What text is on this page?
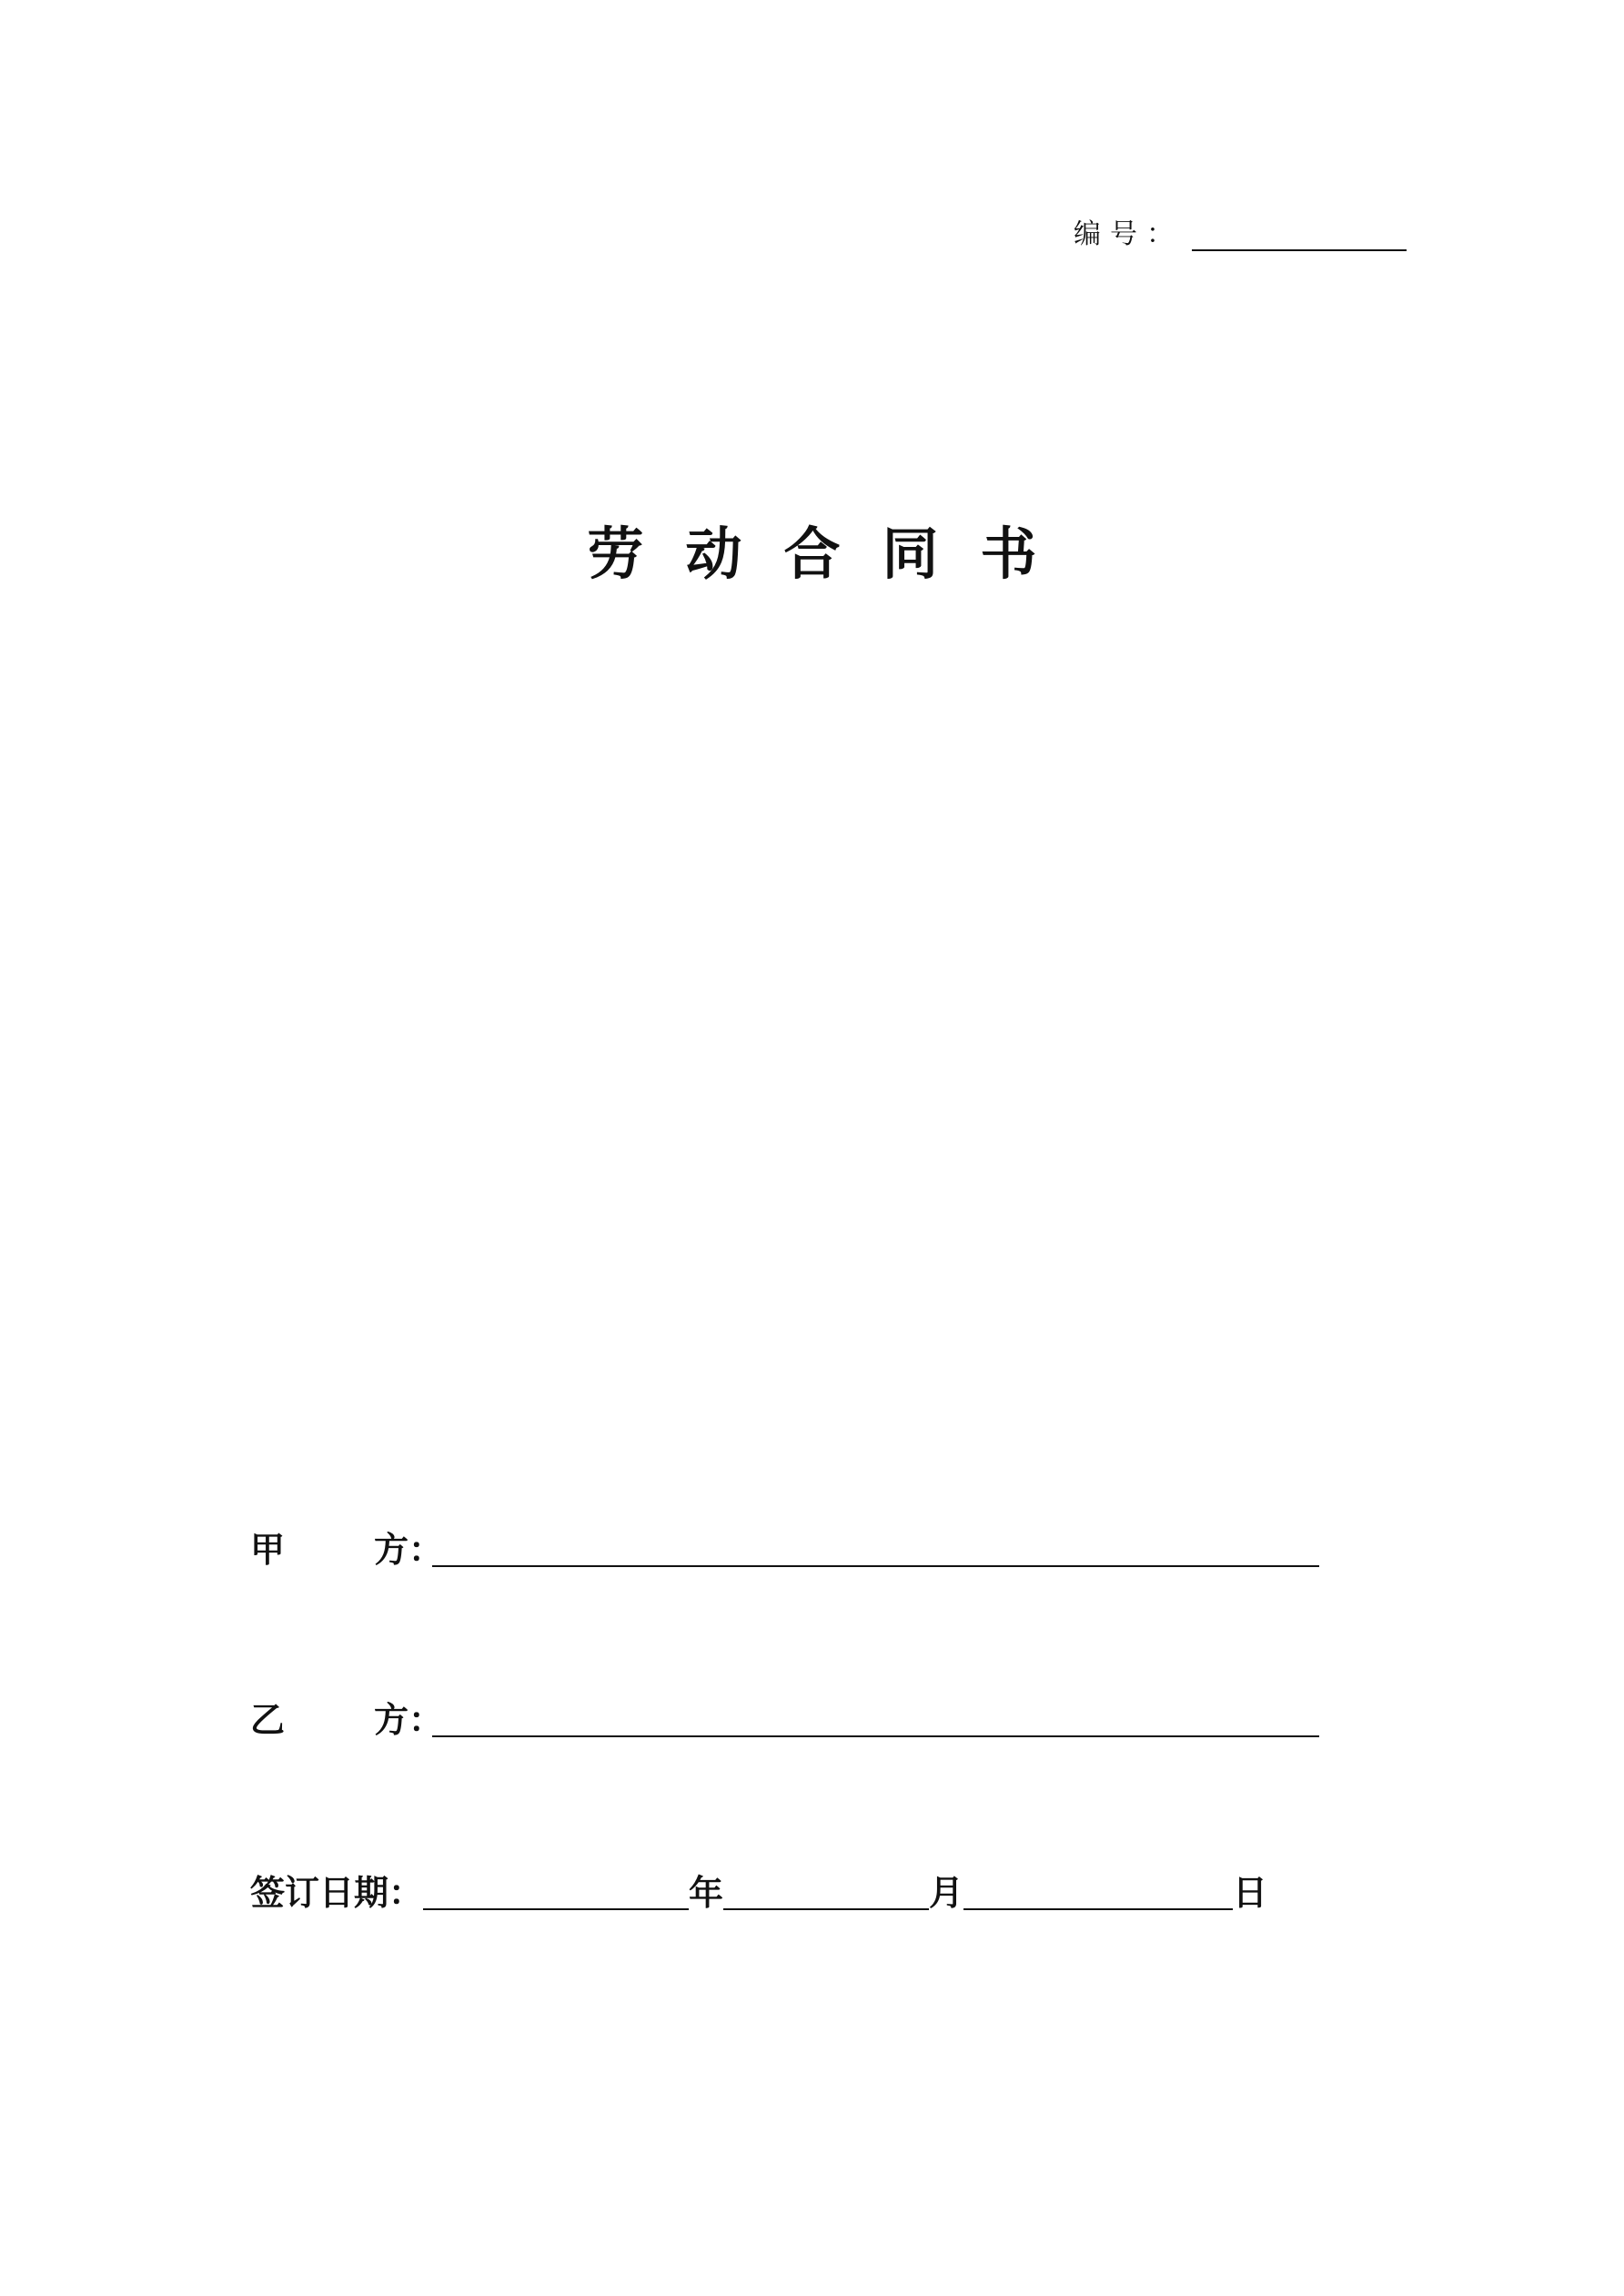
编号：
劳 动 合 同 书
甲	方 ：
乙	方 ：
签订日期：	年	月	日
